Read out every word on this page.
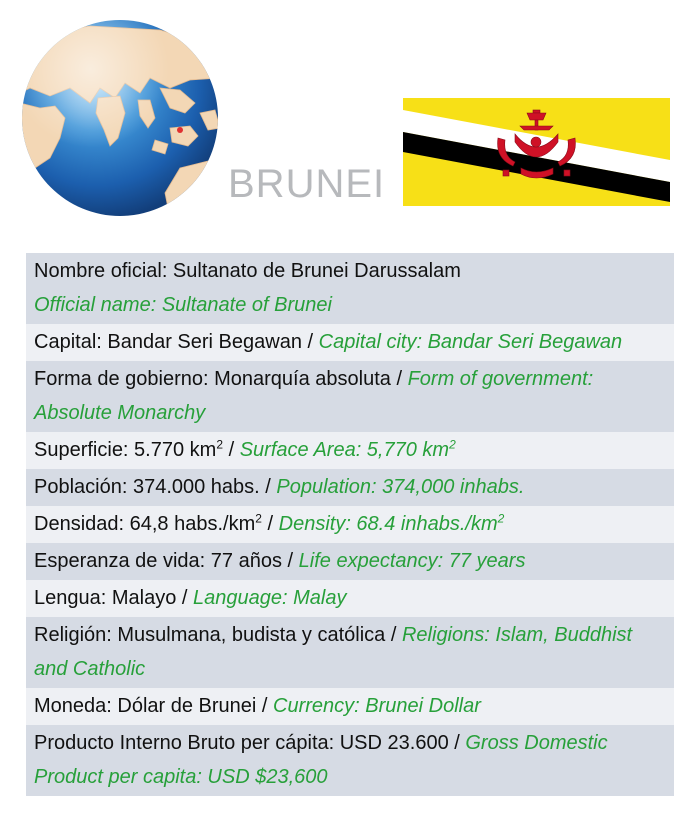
BRUNEI
Nombre oficial: Sultanato de Brunei Darussalam
Official name: Sultanate of Brunei
Capital: Bandar Seri Begawan / Capital city: Bandar Seri Begawan
Forma de gobierno: Monarquía absoluta / Form of government: Absolute Monarchy
Superficie: 5.770 $km^2$ / Surface Area: 5,770 $km^2$
Población: 374.000 habs. / Population: 374,000 inhabs.
Densidad: 64,8 $habs./km^2$ / Density: 68.4 $inhabs./km^2$
Esperanza de vida: 77 años / Life expectancy: 77 years
Lengua: Malayo / Language: Malay
Religión: Musulmana, budista y católica / Religions: Islam, Buddhist and Catholic
Moneda: Dólar de Brunei / Currency: Brunei Dollar
Producto Interno Bruto per cápita: USD 23.600 / Gross Domestic Product per capita: USD $23,600
